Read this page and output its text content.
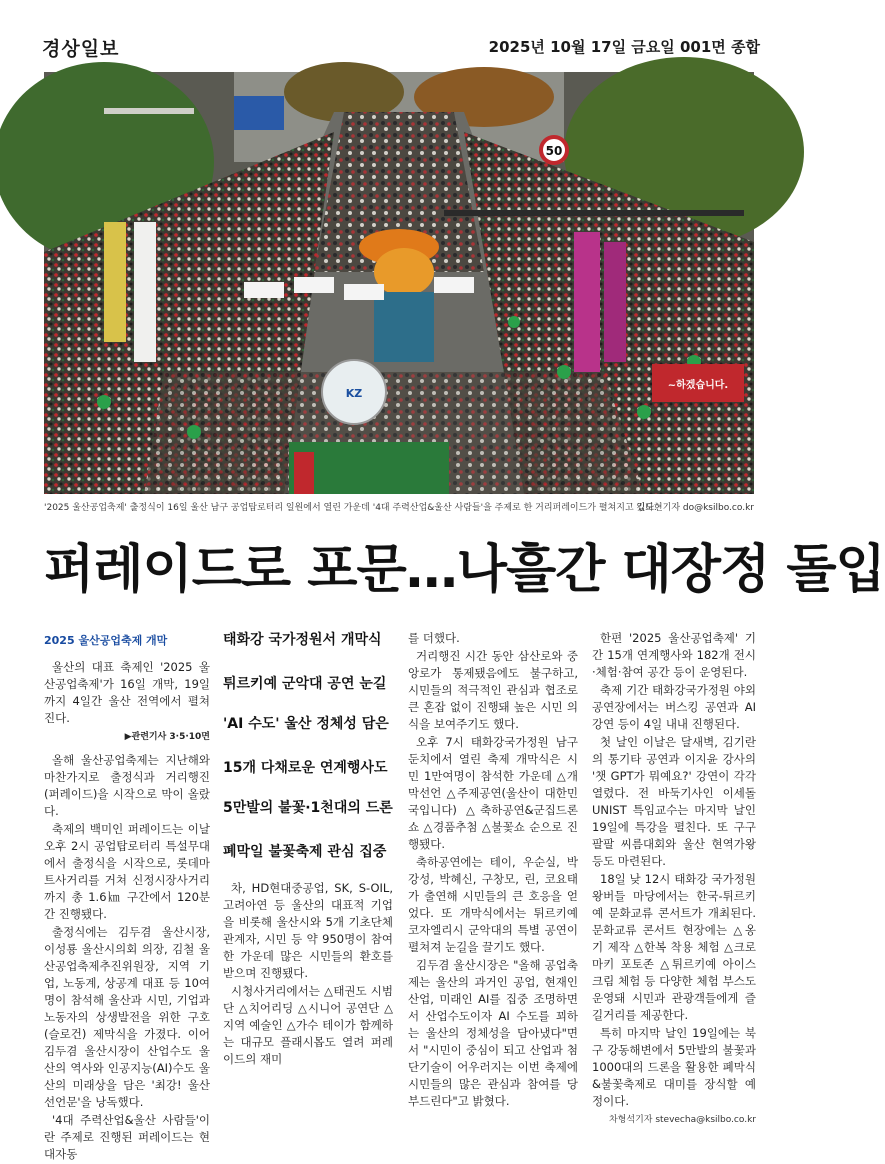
경상일보	2025년 10월 17일 금요일 001면 종합
KZ
~하겠습니다.
50
'2025 울산공업축제' 출정식이 16일 울산 남구 공업탑로터리 일원에서 열린 가운데 '4대 주력산업&울산 사람들'을 주제로 한 거리퍼레이드가 펼쳐지고 있다.
김도현기자 do@ksilbo.co.kr
퍼레이드로 포문…나흘간 대장정 돌입
2025 울산공업축제 개막

울산의 대표 축제인 '2025 울산공업축제'가 16일 개막, 19일까지 4일간 울산 전역에서 펼쳐진다.

▶관련기사 3·5·10면

올해 울산공업축제는 지난해와 마찬가지로 출정식과 거리행진(퍼레이드)을 시작으로 막이 올랐다.

축제의 백미인 퍼레이드는 이날 오후 2시 공업탑로터리 특설무대에서 출정식을 시작으로, 롯데마트사거리를 거쳐 신정시장사거리까지 총 1.6㎞ 구간에서 120분간 진행됐다.

출정식에는 김두겸 울산시장, 이성룡 울산시의회 의장, 김철 울산공업축제추진위원장, 지역 기업, 노동계, 상공계 대표 등 10여명이 참석해 울산과 시민, 기업과 노동자의 상생발전을 위한 구호(슬로건) 제막식을 가졌다. 이어 김두겸 울산시장이 산업수도 울산의 역사와 인공지능(AI)수도 울산의 미래상을 담은 '최강! 울산 선언문'을 낭독했다.

'4대 주력산업&울산 사람들'이란 주제로 진행된 퍼레이드는 현대자동

태화강 국가정원서 개막식
튀르키예 군악대 공연 눈길
'AI 수도' 울산 정체성 담은
15개 다채로운 연계행사도
5만발의 불꽃·1천대의 드론
폐막일 불꽃축제 관심 집중

차, HD현대중공업, SK, S-OIL, 고려아연 등 울산의 대표적 기업을 비롯해 울산시와 5개 기초단체 관계자, 시민 등 약 950명이 참여한 가운데 많은 시민들의 환호를 받으며 진행됐다.

시청사거리에서는 △태권도 시범단 △치어리딩 △시니어 공연단 △지역 예술인 △가수 테이가 함께하는 대규모 플래시몹도 열려 퍼레이드의 재미

를 더했다.

거리행진 시간 동안 삼산로와 중앙로가 통제됐음에도 불구하고, 시민들의 적극적인 관심과 협조로 큰 혼잡 없이 진행돼 높은 시민 의식을 보여주기도 했다.

오후 7시 태화강국가정원 남구둔치에서 열린 축제 개막식은 시민 1만여명이 참석한 가운데 △개막선언 △주제공연(울산이 대한민국입니다) △축하공연&군집드론쇼 △경품추첨 △불꽃쇼 순으로 진행됐다.

축하공연에는 테이, 우순실, 박강성, 박혜신, 구창모, 린, 코요태가 출연해 시민들의 큰 호응을 얻었다. 또 개막식에서는 튀르키예 코자엘리시 군악대의 특별 공연이 펼쳐져 눈길을 끌기도 했다.

김두겸 울산시장은 "올해 공업축제는 울산의 과거인 공업, 현재인 산업, 미래인 AI를 집중 조명하면서 산업수도이자 AI 수도를 꾀하는 울산의 정체성을 담아냈다"면서 "시민이 중심이 되고 산업과 첨단기술이 어우러지는 이번 축제에 시민들의 많은 관심과 참여를 당부드린다"고 밝혔다.

한편 '2025 울산공업축제' 기간 15개 연계행사와 182개 전시·체험·참여 공간 등이 운영된다.

축제 기간 태화강국가정원 야외공연장에서는 버스킹 공연과 AI 강연 등이 4일 내내 진행된다.

첫 날인 이날은 달새벽, 김기란의 통기타 공연과 이지윤 강사의 '챗 GPT가 뭐예요?' 강연이 각각 열렸다. 전 바둑기사인 이세돌 UNIST 특임교수는 마지막 날인 19일에 특강을 펼친다. 또 구구팔팔 씨름대회와 울산 현역가왕 등도 마련된다.

18일 낮 12시 태화강 국가정원 왕버들 마당에서는 한국-튀르키예 문화교류 콘서트가 개최된다. 문화교류 콘서트 현장에는 △옹기 제작 △한복 착용 체험 △크로마키 포토존 △튀르키예 아이스크림 체험 등 다양한 체험 부스도 운영돼 시민과 관광객들에게 즐길거리를 제공한다.

특히 마지막 날인 19일에는 북구 강동해변에서 5만발의 불꽃과 1000대의 드론을 활용한 폐막식&불꽃축제로 대미를 장식할 예정이다.

차형석기자 stevecha@ksilbo.co.kr
